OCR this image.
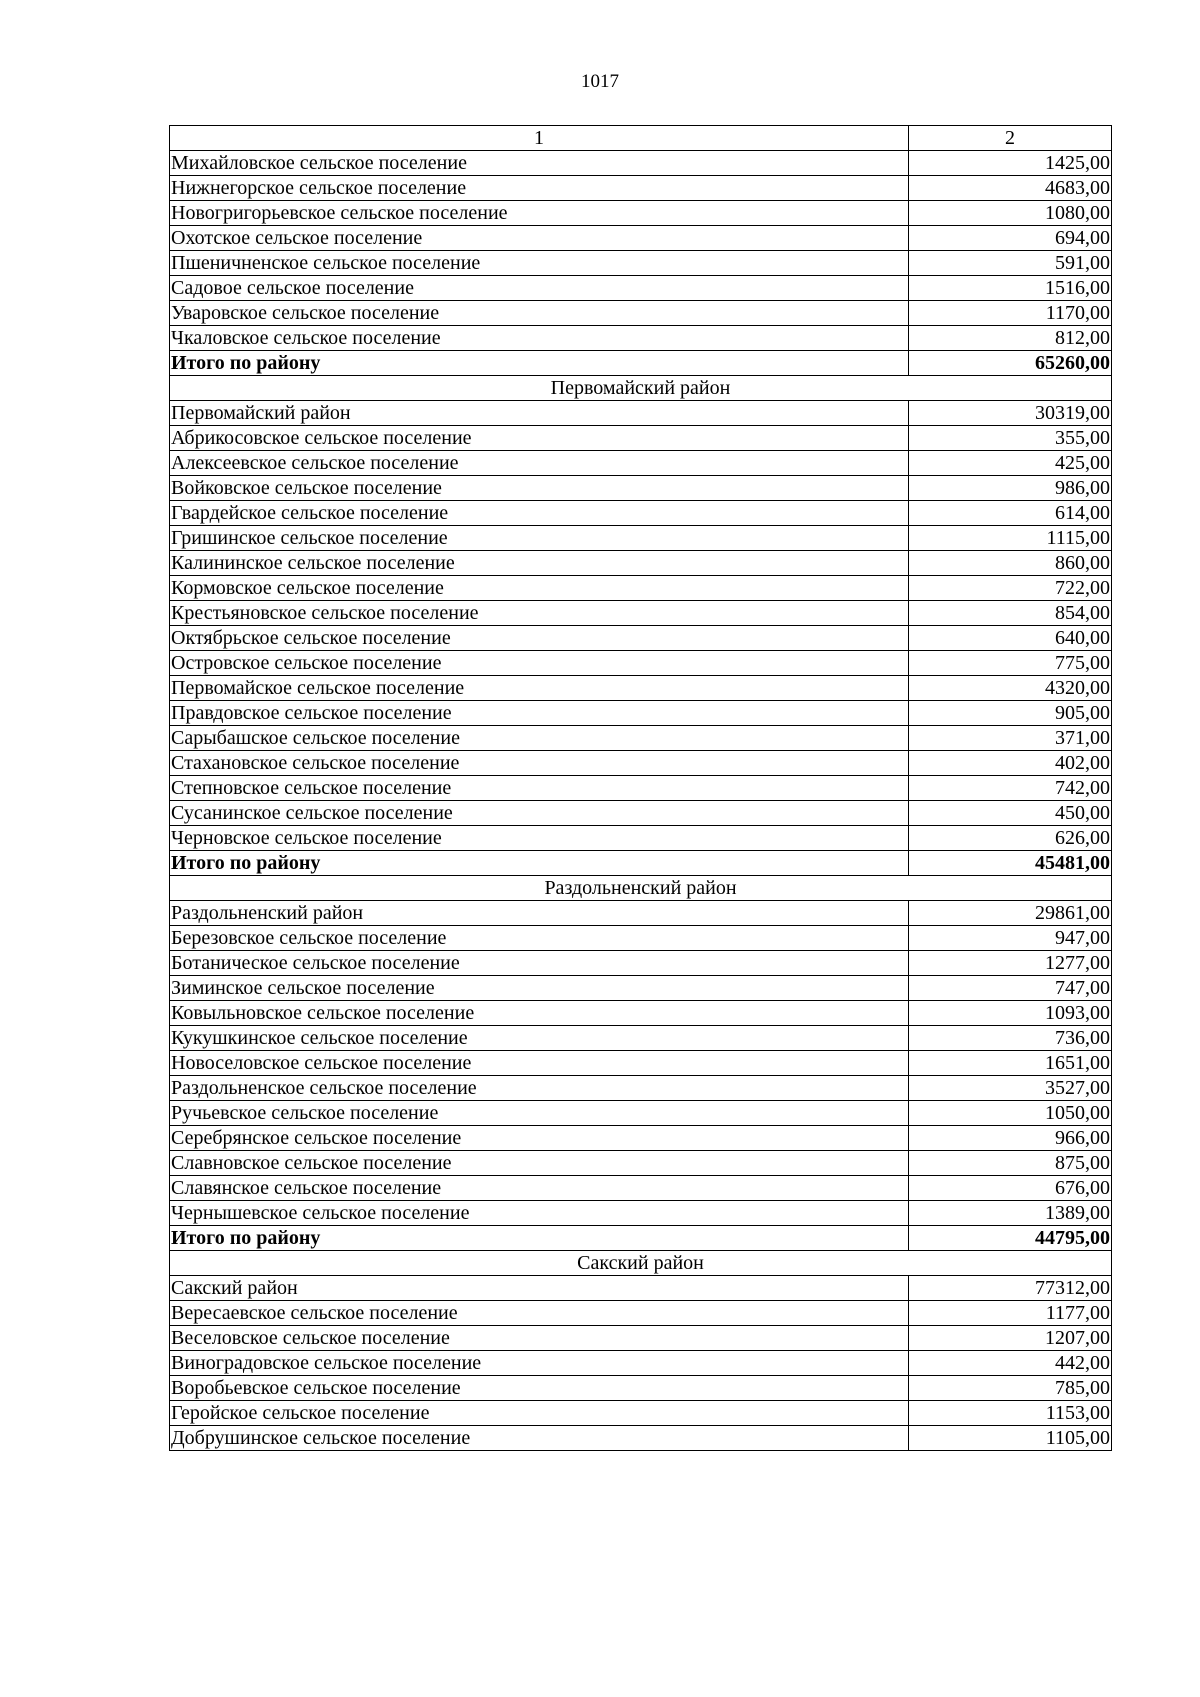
1017
1	2
Михайловское сельское поселение	1425,00
Нижнегорское сельское поселение	4683,00
Новогригорьевское сельское поселение	1080,00
Охотское сельское поселение	694,00
Пшеничненское сельское поселение	591,00
Садовое сельское поселение	1516,00
Уваровское сельское поселение	1170,00
Чкаловское сельское поселение	812,00
Итого по району	65260,00
Первомайский район	
Первомайский район	30319,00
Абрикосовское сельское поселение	355,00
Алексеевское сельское поселение	425,00
Войковское сельское поселение	986,00
Гвардейское сельское поселение	614,00
Гришинское сельское поселение	1115,00
Калининское сельское поселение	860,00
Кормовское сельское поселение	722,00
Крестьяновское сельское поселение	854,00
Октябрьское сельское поселение	640,00
Островское сельское поселение	775,00
Первомайское сельское поселение	4320,00
Правдовское сельское поселение	905,00
Сарыбашское сельское поселение	371,00
Стахановское сельское поселение	402,00
Степновское сельское поселение	742,00
Сусанинское сельское поселение	450,00
Черновское сельское поселение	626,00
Итого по району	45481,00
Раздольненский район	
Раздольненский район	29861,00
Березовское сельское поселение	947,00
Ботаническое сельское поселение	1277,00
Зиминское сельское поселение	747,00
Ковыльновское сельское поселение	1093,00
Кукушкинское сельское поселение	736,00
Новоселовское сельское поселение	1651,00
Раздольненское сельское поселение	3527,00
Ручьевское сельское поселение	1050,00
Серебрянское сельское поселение	966,00
Славновское сельское поселение	875,00
Славянское сельское поселение	676,00
Чернышевское сельское поселение	1389,00
Итого по району	44795,00
Сакский район	
Сакский район	77312,00
Вересаевское сельское поселение	1177,00
Веселовское сельское поселение	1207,00
Виноградовское сельское поселение	442,00
Воробьевское сельское поселение	785,00
Геройское сельское поселение	1153,00
Добрушинское сельское поселение	1105,00
